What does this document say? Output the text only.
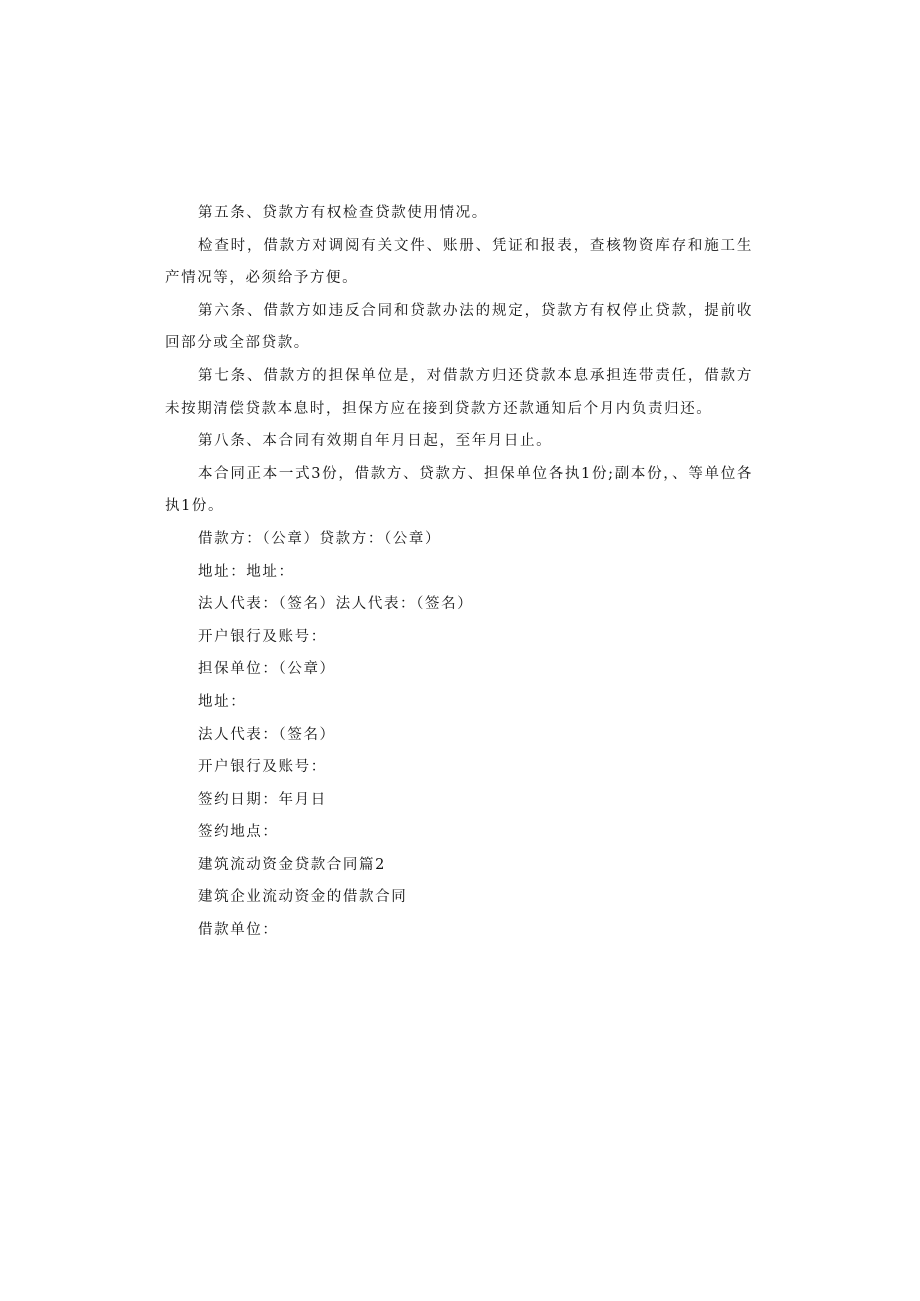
第五条、贷款方有权检查贷款使用情况。

检查时，借款方对调阅有关文件、账册、凭证和报表，查核物资库存和施工生产情况等，必须给予方便。

第六条、借款方如违反合同和贷款办法的规定，贷款方有权停止贷款，提前收回部分或全部贷款。

第七条、借款方的担保单位是，对借款方归还贷款本息承担连带责任，借款方未按期清偿贷款本息时，担保方应在接到贷款方还款通知后个月内负责归还。

第八条、本合同有效期自年月日起，至年月日止。

本合同正本一式3份，借款方、贷款方、担保单位各执1份;副本份，、等单位各执1份。

借款方：（公章）贷款方：（公章）

地址：地址：

法人代表：（签名）法人代表：（签名）

开户银行及账号：

担保单位：（公章）

地址：

法人代表：（签名）

开户银行及账号：

签约日期：年月日

签约地点：

建筑流动资金贷款合同篇2

建筑企业流动资金的借款合同

借款单位：
